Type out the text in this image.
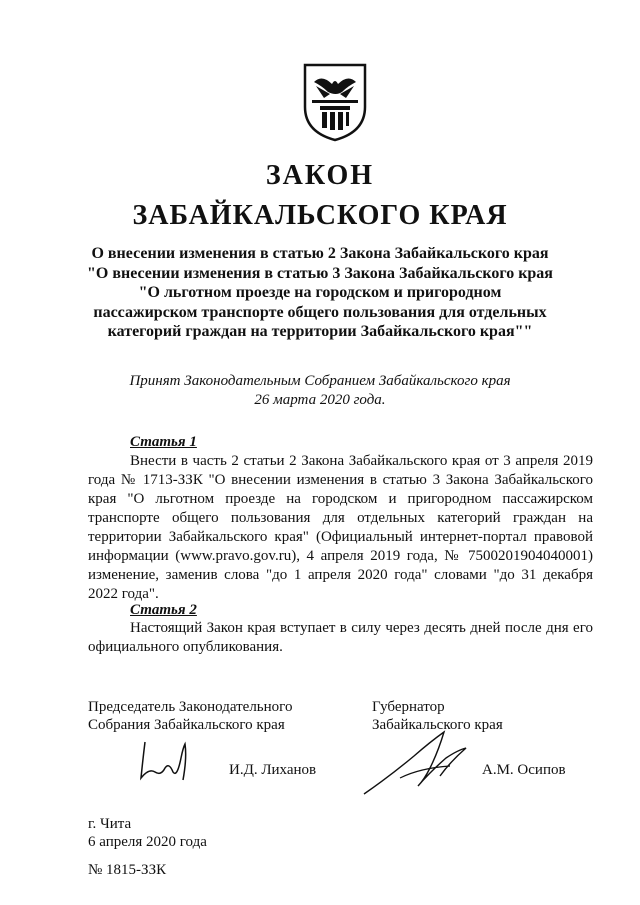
ЗАКОН
ЗАБАЙКАЛЬСКОГО КРАЯ
О внесении изменения в статью 2 Закона Забайкальского края
"О внесении изменения в статью 3 Закона Забайкальского края
"О льготном проезде на городском и пригородном
пассажирском транспорте общего пользования для отдельных
категорий граждан на территории Забайкальского края""
Принят Законодательным Собранием Забайкальского края
26 марта 2020 года.
Статья 1
Внести в часть 2 статьи 2 Закона Забайкальского края от 3 апреля 2019 года № 1713-ЗЗК "О внесении изменения в статью 3 Закона Забайкальского края "О льготном проезде на городском и пригородном пассажирском транспорте общего пользования для отдельных категорий граждан на территории Забайкальского края" (Официальный интернет-портал правовой информации (www.pravo.gov.ru), 4 апреля 2019 года, № 7500201904040001) изменение, заменив слова "до 1 апреля 2020 года" словами "до 31 декабря 2022 года".
Статья 2
Настоящий Закон края вступает в силу через десять дней после дня его официального опубликования.
Председатель Законодательного
Собрания Забайкальского края
Губернатор
Забайкальского края
И.Д. Лиханов	А.М. Осипов
г. Чита
6 апреля 2020 года
№ 1815-ЗЗК
